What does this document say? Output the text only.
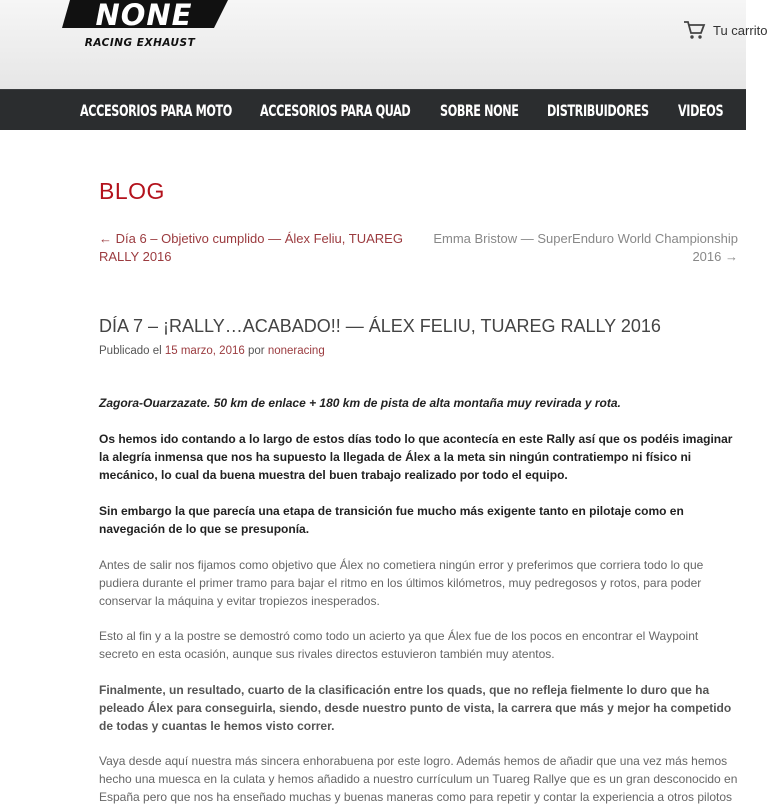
NONE
RACING EXHAUST
Tu carrito
ACCESORIOS PARA MOTO ACCESORIOS PARA QUAD SOBRE NONE DISTRIBUIDORES VIDEOS
BLOG
← Día 6 – Objetivo cumplido — Álex Feliu, TUAREG RALLY 2016
Emma Bristow — SuperEnduro World Championship 2016 →
DÍA 7 – ¡RALLY…ACABADO!! — ÁLEX FELIU, TUAREG RALLY 2016
Publicado el 15 marzo, 2016 por noneracing

Zagora-Ouarzazate. 50 km de enlace + 180 km de pista de alta montaña muy revirada y rota.

Os hemos ido contando a lo largo de estos días todo lo que acontecía en este Rally así que os podéis imaginar la alegría inmensa que nos ha supuesto la llegada de Álex a la meta sin ningún contratiempo ni físico ni mecánico, lo cual da buena muestra del buen trabajo realizado por todo el equipo.

Sin embargo la que parecía una etapa de transición fue mucho más exigente tanto en pilotaje como en navegación de lo que se presuponía.

Antes de salir nos fijamos como objetivo que Álex no cometiera ningún error y preferimos que corriera todo lo que pudiera durante el primer tramo para bajar el ritmo en los últimos kilómetros, muy pedregosos y rotos, para poder conservar la máquina y evitar tropiezos inesperados.

Esto al fin y a la postre se demostró como todo un acierto ya que Álex fue de los pocos en encontrar el Waypoint secreto en esta ocasión, aunque sus rivales directos estuvieron también muy atentos.

Finalmente, un resultado, cuarto de la clasificación entre los quads, que no refleja fielmente lo duro que ha peleado Álex para conseguirla, siendo, desde nuestro punto de vista, la carrera que más y mejor ha competido de todas y cuantas le hemos visto correr.

Vaya desde aquí nuestra más sincera enhorabuena por este logro. Además hemos de añadir que una vez más hemos hecho una muesca en la culata y hemos añadido a nuestro currículum un Tuareg Rallye que es un gran desconocido en España pero que nos ha enseñado muchas y buenas maneras como para repetir y contar la experiencia a otros pilotos
